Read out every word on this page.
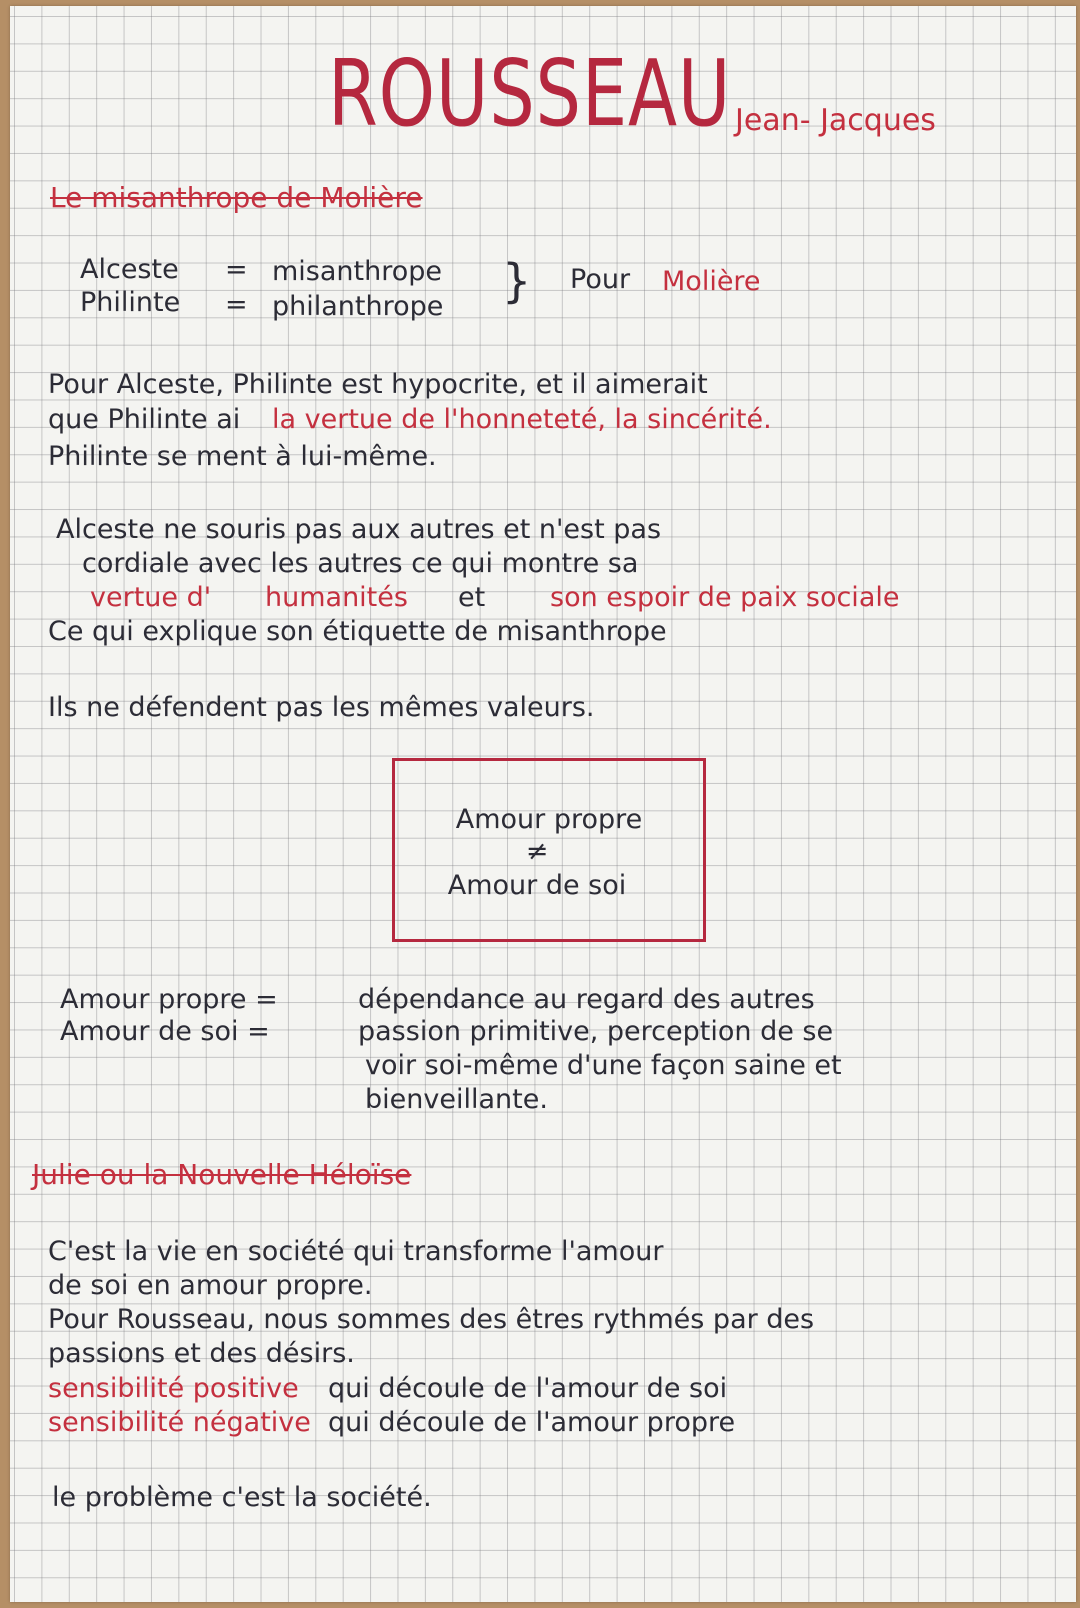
ROUSSEAU Jean- Jacques
Le misanthrope de Molière
Alceste = misanthrope
Philinte = philanthrope } Pour Molière
Pour Alceste, Philinte est hypocrite, et il aimerait
que Philinte ai la vertue de l'honneteté, la sincérité.
Philinte se ment à lui-même.
Alceste ne souris pas aux autres et n'est pas
cordiale avec les autres ce qui montre sa
vertue d' humanités et son espoir de paix sociale
Ce qui explique son étiquette de misanthrope
Ils ne défendent pas les mêmes valeurs.
Amour propre
≠
Amour de soi
Amour propre =	dépendance au regard des autres
Amour de soi =	passion primitive, perception de se
voir soi-même d'une façon saine et
bienveillante.
Julie ou la Nouvelle Héloïse
C'est la vie en société qui transforme l'amour
de soi en amour propre.
Pour Rousseau, nous sommes des êtres rythmés par des
passions et des désirs.
sensibilité positive qui découle de l'amour de soi
sensibilité négative qui découle de l'amour propre
le problème c'est la société.
